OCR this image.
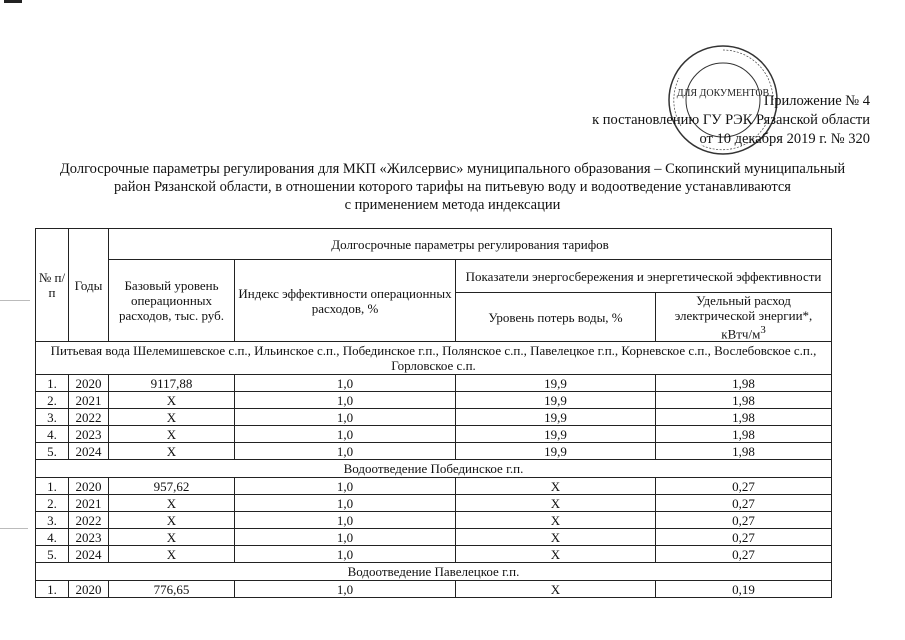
ДЛЯ ДОКУМЕНТОВ
Приложение № 4
к постановлению ГУ РЭК Рязанской области
от 10 декабря 2019 г. № 320
Долгосрочные параметры регулирования для МКП «Жилсервис» муниципального образования – Скопинский муниципальный
район Рязанской области, в отношении которого тарифы на питьевую воду и водоотведение устанавливаются
с применением метода индексации
№ п/п	Годы	Долгосрочные параметры регулирования тарифов			
		Базовый уровень операционных расходов, тыс. руб.	Индекс эффективности операционных расходов, %	Показатели энергосбережения и энергетической эффективности	
				Уровень потерь воды, %	Удельный расход электрической энергии*, кВтч/$м^3$
Питьевая вода Шелемишевское с.п., Ильинское с.п., Побединское г.п., Полянское с.п., Павелецкое г.п., Корневское с.п., Вослебовское с.п., Горловское с.п.					
1.	2020	9117,88	1,0	19,9	1,98
2.	2021	Х	1,0	19,9	1,98
3.	2022	Х	1,0	19,9	1,98
4.	2023	Х	1,0	19,9	1,98
5.	2024	Х	1,0	19,9	1,98
Водоотведение Побединское г.п.					
1.	2020	957,62	1,0	Х	0,27
2.	2021	Х	1,0	Х	0,27
3.	2022	Х	1,0	Х	0,27
4.	2023	Х	1,0	Х	0,27
5.	2024	Х	1,0	Х	0,27
Водоотведение Павелецкое г.п.					
1.	2020	776,65	1,0	Х	0,19
